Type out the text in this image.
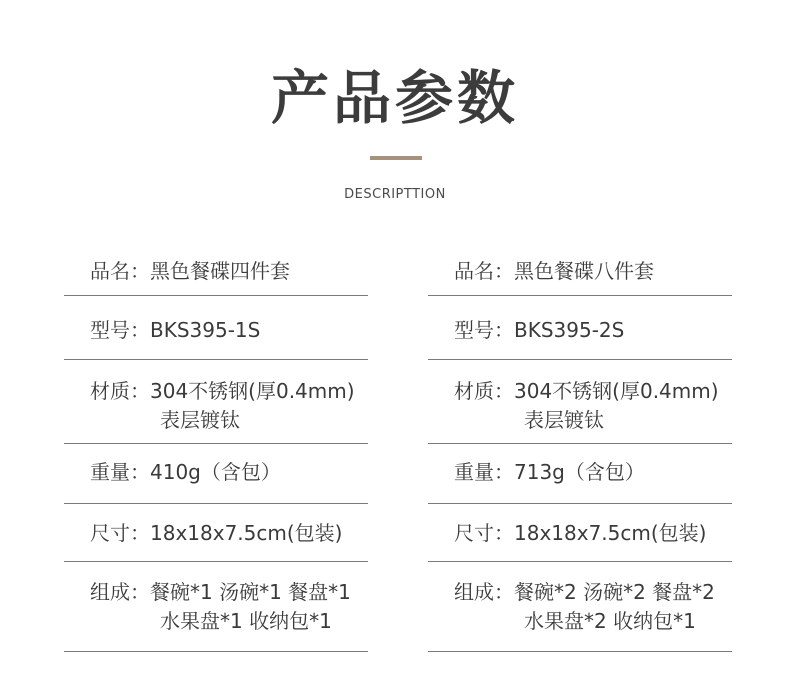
产品参数
DESCRIPTTION
品名：黑色餐碟四件套
型号：BKS395-1S
材质：304不锈钢(厚0.4mm)
表层镀钛
重量：410g（含包）
尺寸：18x18x7.5cm(包装)
组成：餐碗*1 汤碗*1 餐盘*1
水果盘*1 收纳包*1
品名：黑色餐碟八件套
型号：BKS395-2S
材质：304不锈钢(厚0.4mm)
表层镀钛
重量：713g（含包）
尺寸：18x18x7.5cm(包装)
组成：餐碗*2 汤碗*2 餐盘*2
水果盘*2 收纳包*1
